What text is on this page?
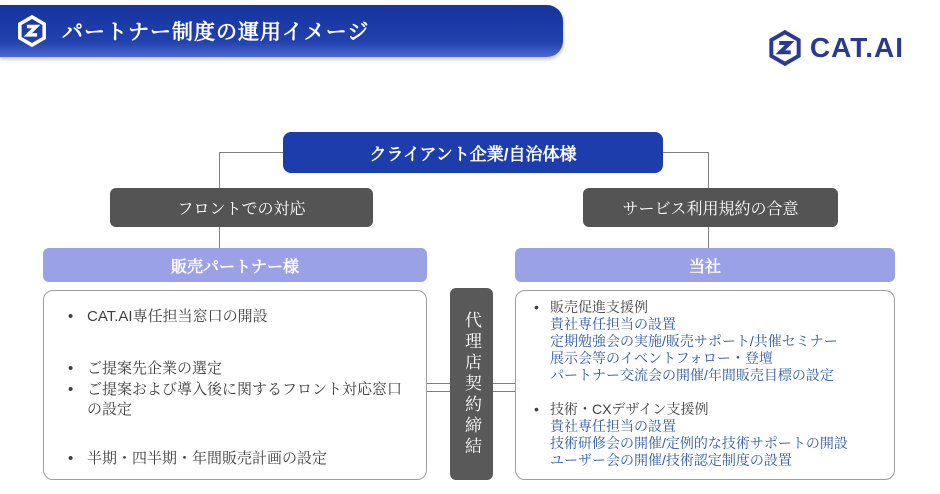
パートナー制度の運用イメージ	CAT.AI
クライアント企業/自治体様
フロントでの対応	サービス利用規約の合意
販売パートナー様	当社
代理店契約締結
• CAT.AI専任担当窓口の開設
• ご提案先企業の選定
• ご提案および導入後に関するフロント対応窓口の設定
• 半期・四半期・年間販売計画の設定
• 販売促進支援例
貴社専任担当の設置
定期勉強会の実施/販売サポート/共催セミナー
展示会等のイベントフォロー・登壇
パートナー交流会の開催/年間販売目標の設定
• 技術・CXデザイン支援例
貴社専任担当の設置
技術研修会の開催/定例的な技術サポートの開設
ユーザー会の開催/技術認定制度の設置
